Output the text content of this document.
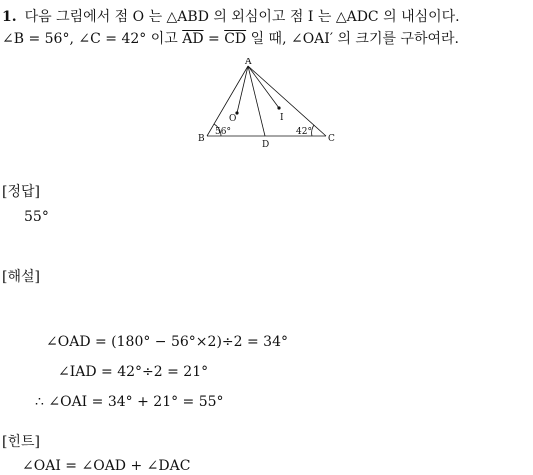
1. 다음 그림에서 점 O 는 △ABD 의 외심이고 점 I 는 △ADC 의 내심이다.
∠B = 56°, ∠C = 42° 이고 $\overline{AD} = \overline{CD}$ 일 때, ∠OAI′ 의 크기를 구하여라.
A
B	C
D
O	I
56°	42°
[정답]
55°
[해설]
∠OAD = (180° − 56°×2)÷2 = 34°
∠IAD = 42°÷2 = 21°
∴ ∠OAI = 34° + 21° = 55°
[힌트]
∠OAI = ∠OAD + ∠DAC
